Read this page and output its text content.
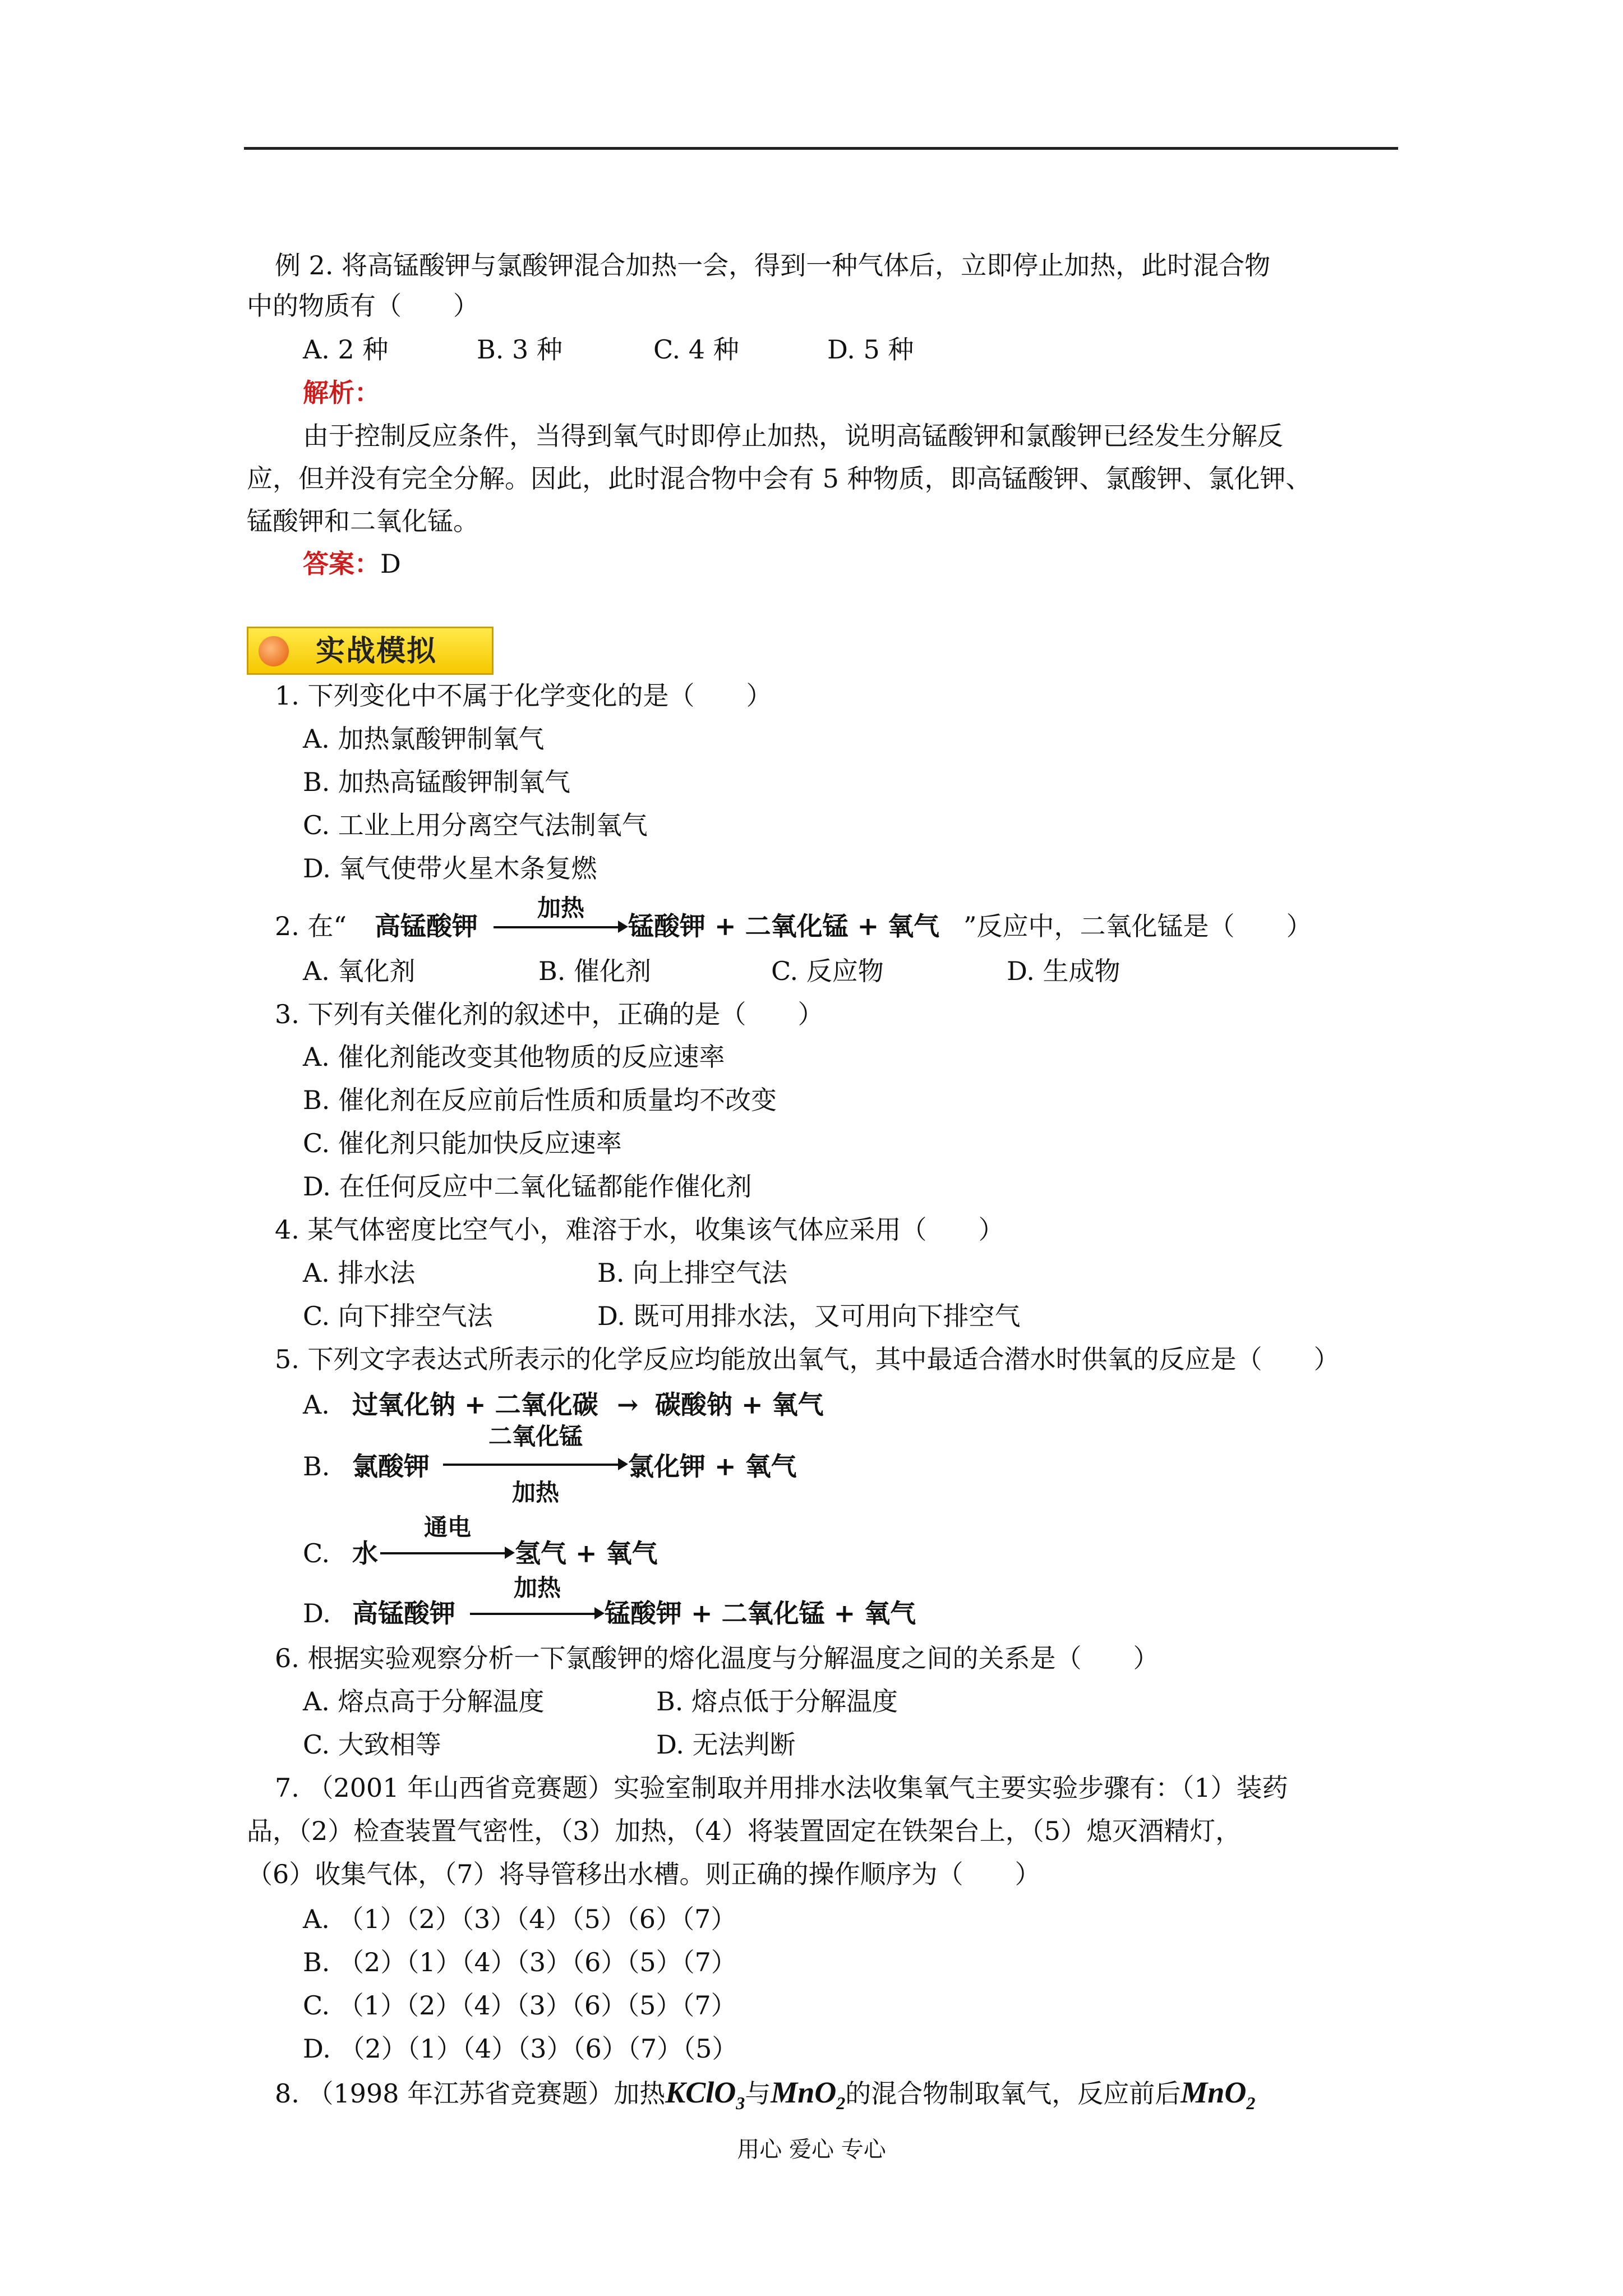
例 2. 将高锰酸钾与氯酸钾混合加热一会，得到一种气体后，立即停止加热，此时混合物
中的物质有（　　）
A. 2 种	B. 3 种	C. 4 种	D. 5 种
解析：
由于控制反应条件，当得到氧气时即停止加热，说明高锰酸钾和氯酸钾已经发生分解反
应，但并没有完全分解。因此，此时混合物中会有 5 种物质，即高锰酸钾、氯酸钾、氯化钾、
锰酸钾和二氧化锰。
答案：D
实战模拟
1. 下列变化中不属于化学变化的是（　　）
A. 加热氯酸钾制氧气
B. 加热高锰酸钾制氧气
C. 工业上用分离空气法制氧气
D. 氧气使带火星木条复燃
2. 在“ 高锰酸钾
加热
锰酸钾 + 二氧化锰 + 氧气 ”反应中，二氧化锰是（　　）
A. 氧化剂	B. 催化剂	C. 反应物	D. 生成物
3. 下列有关催化剂的叙述中，正确的是（　　）
A. 催化剂能改变其他物质的反应速率
B. 催化剂在反应前后性质和质量均不改变
C. 催化剂只能加快反应速率
D. 在任何反应中二氧化锰都能作催化剂
4. 某气体密度比空气小，难溶于水，收集该气体应采用（　　）
A. 排水法	B. 向上排空气法
C. 向下排空气法	D. 既可用排水法，又可用向下排空气
5. 下列文字表达式所表示的化学反应均能放出氧气，其中最适合潜水时供氧的反应是（　　）
A. 过氧化钠 + 二氧化碳 → 碳酸钠 + 氧气
B. 氯酸钾
二氧化锰
加热
氯化钾 + 氧气
C. 水
通电
氢气 + 氧气
D. 高锰酸钾
加热
锰酸钾 + 二氧化锰 + 氧气
6. 根据实验观察分析一下氯酸钾的熔化温度与分解温度之间的关系是（　　）
A. 熔点高于分解温度	B. 熔点低于分解温度
C. 大致相等	D. 无法判断
7. （2001 年山西省竞赛题）实验室制取并用排水法收集氧气主要实验步骤有：（1）装药
品，（2）检查装置气密性，（3）加热，（4）将装置固定在铁架台上，（5）熄灭酒精灯，
（6）收集气体，（7）将导管移出水槽。则正确的操作顺序为（　　）
A. （1）（2）（3）（4）（5）（6）（7）
B. （2）（1）（4）（3）（6）（5）（7）
C. （1）（2）（4）（3）（6）（5）（7）
D. （2）（1）（4）（3）（6）（7）（5）
8. （1998 年江苏省竞赛题）加热KClO$_3$与MnO$_2$的混合物制取氧气，反应前后MnO$_2$
用心 爱心 专心
